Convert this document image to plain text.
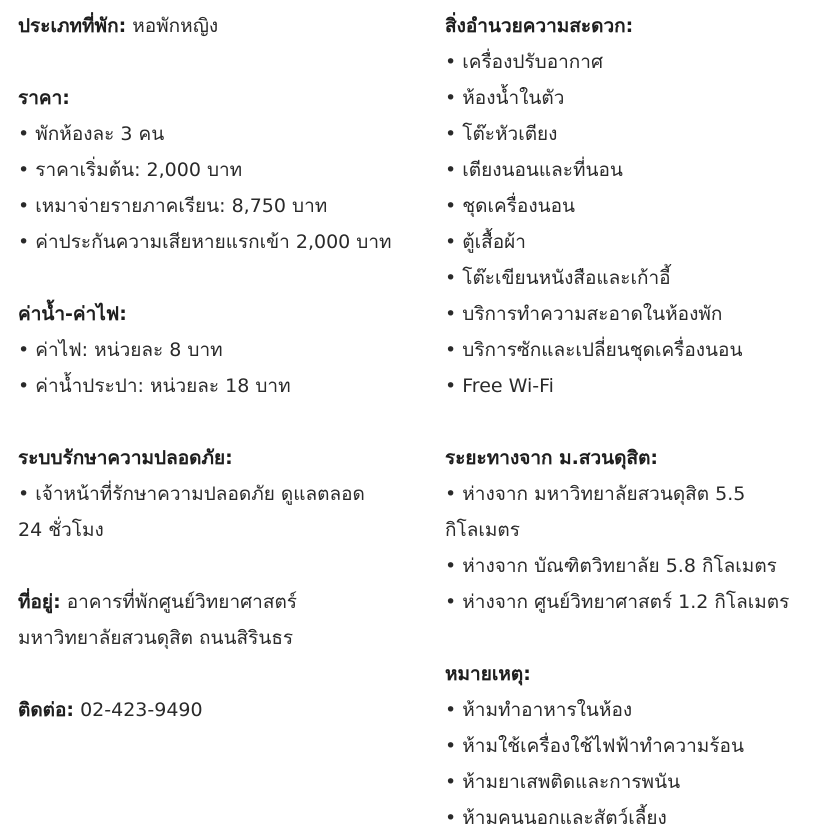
ประเภทที่พัก: หอพักหญิง
ราคา:
• พักห้องละ 3 คน
• ราคาเริ่มต้น: 2,000 บาท
• เหมาจ่ายรายภาคเรียน: 8,750 บาท
• ค่าประกันความเสียหายแรกเข้า 2,000 บาท
ค่าน้ำ-ค่าไฟ:
• ค่าไฟ: หน่วยละ 8 บาท
• ค่าน้ำประปา: หน่วยละ 18 บาท
ระบบรักษาความปลอดภัย:
• เจ้าหน้าที่รักษาความปลอดภัย ดูแลตลอด
24 ชั่วโมง
ที่อยู่: อาคารที่พักศูนย์วิทยาศาสตร์
มหาวิทยาลัยสวนดุสิต ถนนสิรินธร
ติดต่อ: 02-423-9490
สิ่งอำนวยความสะดวก:
• เครื่องปรับอากาศ
• ห้องน้ำในตัว
• โต๊ะหัวเตียง
• เตียงนอนและที่นอน
• ชุดเครื่องนอน
• ตู้เสื้อผ้า
• โต๊ะเขียนหนังสือและเก้าอี้
• บริการทำความสะอาดในห้องพัก
• บริการซักและเปลี่ยนชุดเครื่องนอน
• Free Wi-Fi
ระยะทางจาก ม.สวนดุสิต:
• ห่างจาก มหาวิทยาลัยสวนดุสิต 5.5
กิโลเมตร
• ห่างจาก บัณฑิตวิทยาลัย 5.8 กิโลเมตร
• ห่างจาก ศูนย์วิทยาศาสตร์ 1.2 กิโลเมตร
หมายเหตุ:
• ห้ามทำอาหารในห้อง
• ห้ามใช้เครื่องใช้ไฟฟ้าทำความร้อน
• ห้ามยาเสพติดและการพนัน
• ห้ามคนนอกและสัตว์เลี้ยง
